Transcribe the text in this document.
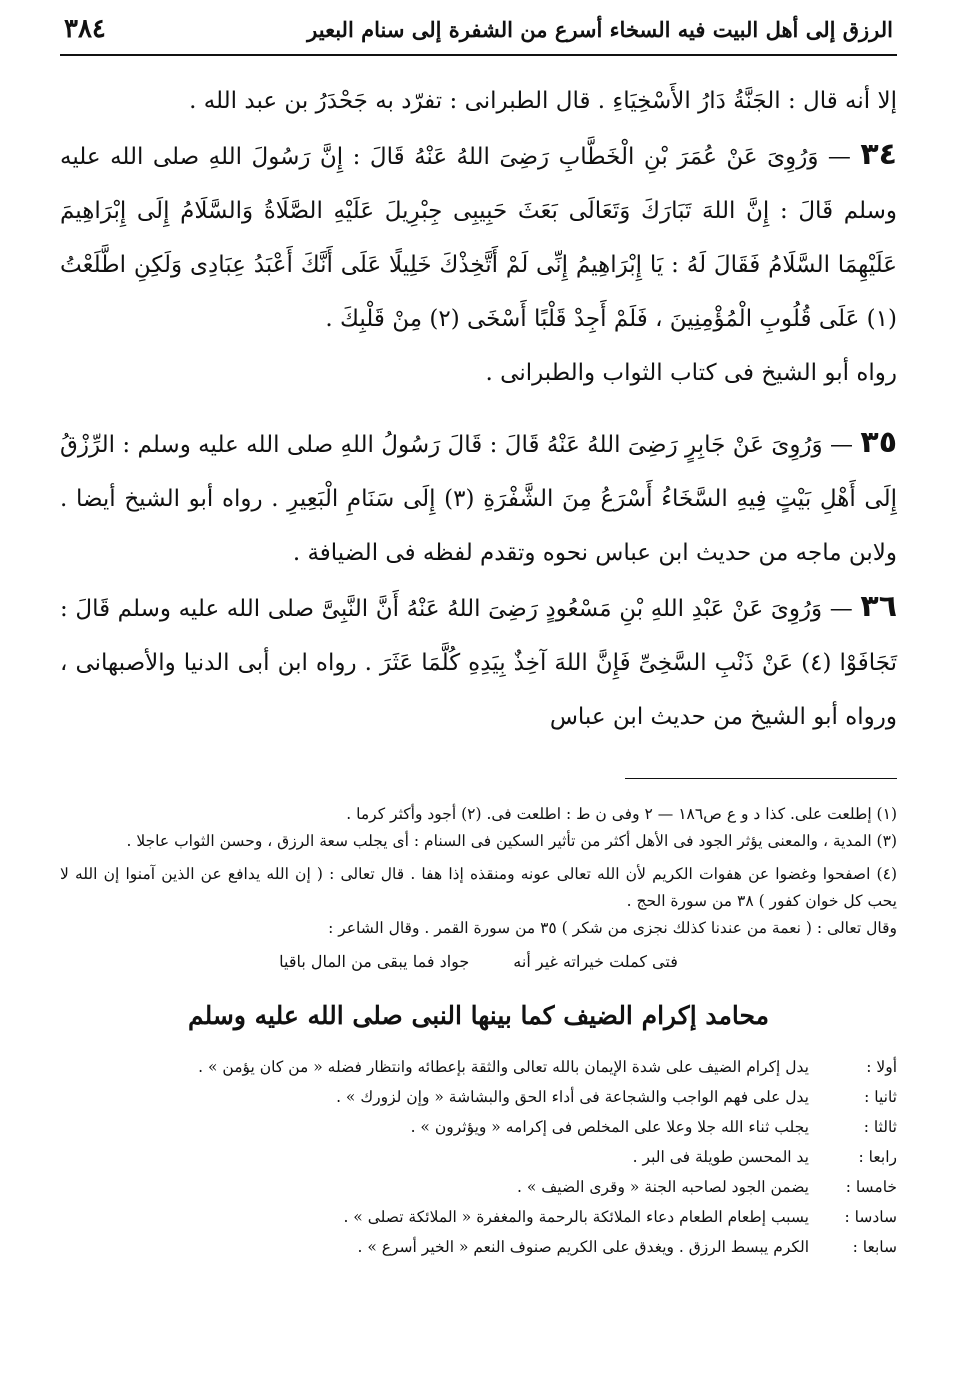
الرزق إلى أهل البيت فيه السخاء أسرع من الشفرة إلى سنام البعير
٣٨٤

إلا أنه قال : الجَنَّةُ دَارُ الأَسْخِيَاءِ . قال الطبرانى : تفرّد به جَحْدَرُ بن عبد الله .

٣٤ — وَرُوِىَ عَنْ عُمَرَ بْنِ الْخَطَّابِ رَضِىَ اللهُ عَنْهُ قَالَ : إِنَّ رَسُولَ اللهِ صلى الله عليه وسلم قَالَ : إِنَّ اللهَ تَبَارَكَ وَتَعَالَى بَعَثَ حَبِيبِى جِبْرِيلَ عَلَيْهِ الصَّلَاةُ وَالسَّلَامُ إِلَى إِبْرَاهِيمَ عَلَيْهِمَا السَّلَامُ فَقَالَ لَهُ : يَا إِبْرَاهِيمُ إِنِّى لَمْ أَتَّخِذْكَ خَلِيلًا عَلَى أَنَّكَ أَعْبَدُ عِبَادِى وَلَكِنِ اطَّلَعْتُ (١) عَلَى قُلُوبِ الْمُؤْمِنِينَ ، فَلَمْ أَجِدْ قَلْبًا أَسْخَى (٢) مِنْ قَلْبِكَ .

رواه أبو الشيخ فى كتاب الثواب والطبرانى .

٣٥ — وَرُوِىَ عَنْ جَابِرٍ رَضِىَ اللهُ عَنْهُ قَالَ : قَالَ رَسُولُ اللهِ صلى الله عليه وسلم : الرِّزْقُ إِلَى أَهْلِ بَيْتٍ فِيهِ السَّخَاءُ أَسْرَعُ مِنَ الشَّفْرَةِ (٣) إِلَى سَنَامِ الْبَعِيرِ . رواه أبو الشيخ أيضا . ولابن ماجه من حديث ابن عباس نحوه وتقدم لفظه فى الضيافة .

٣٦ — وَرُوِىَ عَنْ عَبْدِ اللهِ بْنِ مَسْعُودٍ رَضِىَ اللهُ عَنْهُ أَنَّ النَّبِىَّ صلى الله عليه وسلم قَالَ : تَجَافَوْا (٤) عَنْ ذَنْبِ السَّخِىِّ فَإِنَّ اللهَ آخِذٌ بِيَدِهِ كُلَّمَا عَثَرَ . رواه ابن أبى الدنيا والأصبهانى ، ورواه أبو الشيخ من حديث ابن عباس

(١) إطلعت على. كذا د و ع ص١٨٦ — ٢ وفى ن ط : اطلعت فى. (٢) أجود وأكثر كرما .

(٣) المدية ، والمعنى يؤثر الجود فى الأهل أكثر من تأثير السكين فى السنام : أى يجلب سعة الرزق ، وحسن الثواب عاجلا .

(٤) اصفحوا وغضوا عن هفوات الكريم لأن الله تعالى عونه ومنقذه إذا هفا . قال تعالى : ( إن الله يدافع عن الذين آمنوا إن الله لا يحب كل خوان كفور ) ٣٨ من سورة الحج .

وقال تعالى : ( نعمة من عندنا كذلك نجزى من شكر ) ٣٥ من سورة القمر . وقال الشاعر :

فتى كملت خيراته غير أنه
جواد فما يبقى من المال باقيا
محامد إكرام الضيف كما بينها النبى صلى الله عليه وسلم
أولا :
يدل إكرام الضيف على شدة الإيمان بالله تعالى والثقة بإعطائه وانتظار فضله « من كان يؤمن » .
ثانيا :
يدل على فهم الواجب والشجاعة فى أداء الحق والبشاشة « وإن لزورك » .
ثالثا :
يجلب ثناء الله جلا وعلا على المخلص فى إكرامه « ويؤثرون » .
رابعا :
يد المحسن طويلة فى البر .
خامسا :
يضمن الجود لصاحبه الجنة « وقرى الضيف » .
سادسا :
يسبب إطعام الطعام دعاء الملائكة بالرحمة والمغفرة « الملائكة تصلى » .
سابعا :
الكرم يبسط الرزق . ويغدق على الكريم صنوف النعم « الخير أسرع » .
